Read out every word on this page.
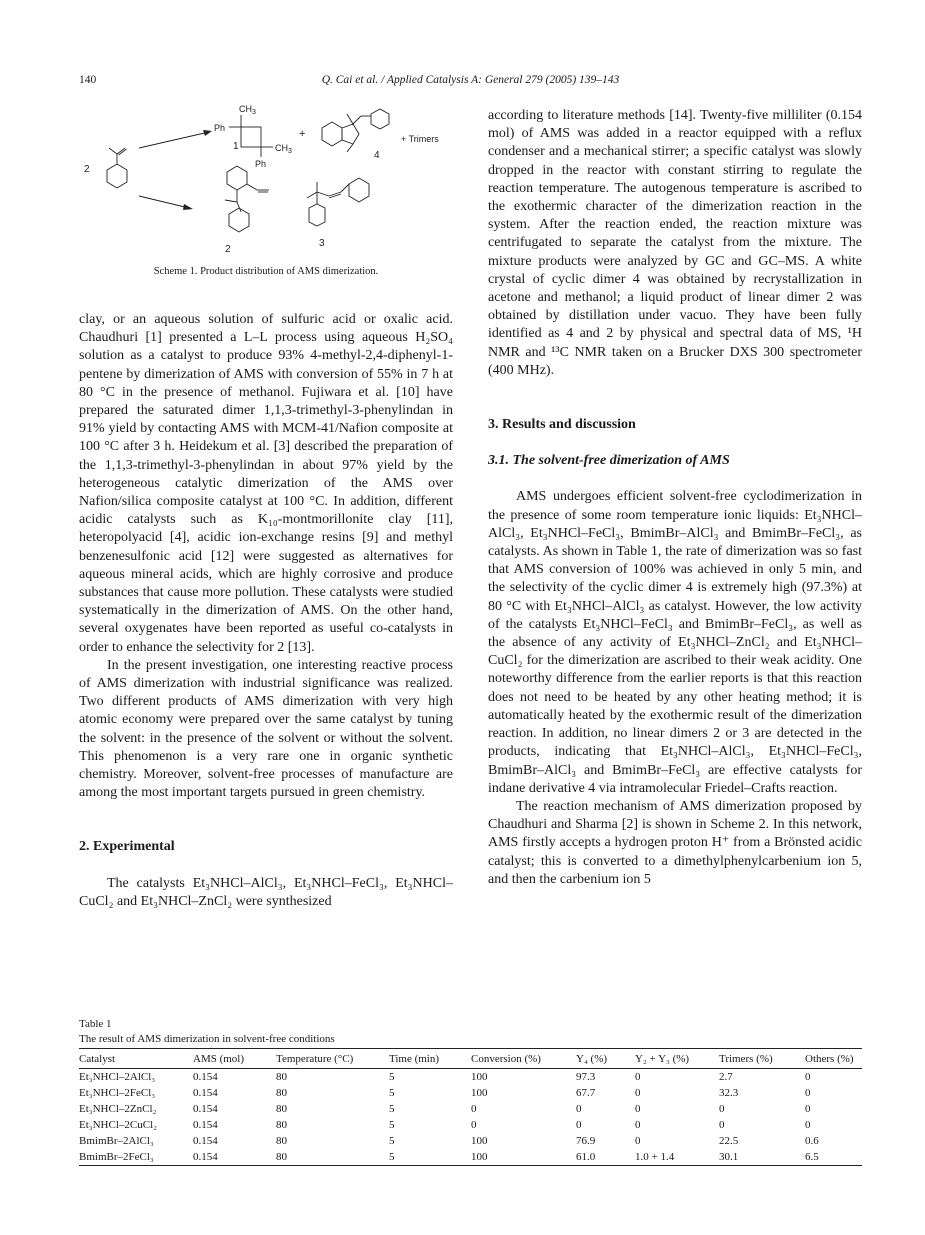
140	Q. Cai et al. / Applied Catalysis A: General 279 (2005) 139–143
2
CH 3
Ph
CH 3
Ph
1
+
4
+ Trimers
2
3
Scheme 1. Product distribution of AMS dimerization.

clay, or an aqueous solution of sulfuric acid or oxalic acid. Chaudhuri [1] presented a L–L process using aqueous H₂SO₄ solution as a catalyst to produce 93% 4-methyl-2,4-diphenyl-1-pentene by dimerization of AMS with conversion of 55% in 7 h at 80 °C in the presence of methanol. Fujiwara et al. [10] have prepared the saturated dimer 1,1,3-trimethyl-3-phenylindan in 91% yield by contacting AMS with MCM-41/Nafion composite at 100 °C after 3 h. Heidekum et al. [3] described the preparation of the 1,1,3-trimethyl-3-phenylindan in about 97% yield by the heterogeneous catalytic dimerization of the AMS over Nafion/silica composite catalyst at 100 °C. In addition, different acidic catalysts such as K₁₀-montmorillonite clay [11], heteropolyacid [4], acidic ion-exchange resins [9] and methyl benzenesulfonic acid [12] were suggested as alternatives for aqueous mineral acids, which are highly corrosive and produce substances that cause more pollution. These catalysts were studied systematically in the dimerization of AMS. On the other hand, several oxygenates have been reported as useful co-catalysts in order to enhance the selectivity for 2 [13].

In the present investigation, one interesting reactive process of AMS dimerization with industrial significance was realized. Two different products of AMS dimerization with very high atomic economy were prepared over the same catalyst by tuning the solvent: in the presence of the solvent or without the solvent. This phenomenon is a very rare one in organic synthetic chemistry. Moreover, solvent-free processes of manufacture are among the most important targets pursued in green chemistry.

2. Experimental

The catalysts Et₃NHCl–AlCl₃, Et₃NHCl–FeCl₃, Et₃NHCl–CuCl₂ and Et₃NHCl–ZnCl₂ were synthesized

according to literature methods [14]. Twenty-five milliliter (0.154 mol) of AMS was added in a reactor equipped with a reflux condenser and a mechanical stirrer; a specific catalyst was slowly dropped in the reactor with constant stirring to regulate the reaction temperature. The autogenous temperature is ascribed to the exothermic character of the dimerization reaction in the system. After the reaction ended, the reaction mixture was centrifugated to separate the catalyst from the mixture. The mixture products were analyzed by GC and GC–MS. A white crystal of cyclic dimer 4 was obtained by recrystallization in acetone and methanol; a liquid product of linear dimer 2 was obtained by distillation under vacuo. They have been fully identified as 4 and 2 by physical and spectral data of MS, ¹H NMR and ¹³C NMR taken on a Brucker DXS 300 spectrometer (400 MHz).

3. Results and discussion

3.1. The solvent-free dimerization of AMS

AMS undergoes efficient solvent-free cyclodimerization in the presence of some room temperature ionic liquids: Et₃NHCl–AlCl₃, Et₃NHCl–FeCl₃, BmimBr–AlCl₃ and BmimBr–FeCl₃, as catalysts. As shown in Table 1, the rate of dimerization was so fast that AMS conversion of 100% was achieved in only 5 min, and the selectivity of the cyclic dimer 4 is extremely high (97.3%) at 80 °C with Et₃NHCl–AlCl₃ as catalyst. However, the low activity of the catalysts Et₃NHCl–FeCl₃ and BmimBr–FeCl₃, as well as the absence of any activity of Et₃NHCl–ZnCl₂ and Et₃NHCl–CuCl₂ for the dimerization are ascribed to their weak acidity. One noteworthy difference from the earlier reports is that this reaction does not need to be heated by any other heating method; it is automatically heated by the exothermic result of the dimerization reaction. In addition, no linear dimers 2 or 3 are detected in the products, indicating that Et₃NHCl–AlCl₃, Et₃NHCl–FeCl₃, BmimBr–AlCl₃ and BmimBr–FeCl₃ are effective catalysts for indane derivative 4 via intramolecular Friedel–Crafts reaction.

The reaction mechanism of AMS dimerization proposed by Chaudhuri and Sharma [2] is shown in Scheme 2. In this network, AMS firstly accepts a hydrogen proton H⁺ from a Brönsted acidic catalyst; this is converted to a dimethylphenylcarbenium ion 5, and then the carbenium ion 5

Table 1
The result of AMS dimerization in solvent-free conditions
Catalyst	AMS (mol)	Temperature (°C)	Time (min)	Conversion (%)	Y₄ (%)	Y₂ + Y₃ (%)	Trimers (%)	Others (%)
Et₃NHCl–2AlCl₃	0.154	80	5	100	97.3	0	2.7	0
Et₃NHCl–2FeCl₃	0.154	80	5	100	67.7	0	32.3	0
Et₃NHCl–2ZnCl₂	0.154	80	5	0	0	0	0	0
Et₃NHCl–2CuCl₂	0.154	80	5	0	0	0	0	0
BmimBr–2AlCl₃	0.154	80	5	100	76.9	0	22.5	0.6
BmimBr–2FeCl₃	0.154	80	5	100	61.0	1.0 + 1.4	30.1	6.5
